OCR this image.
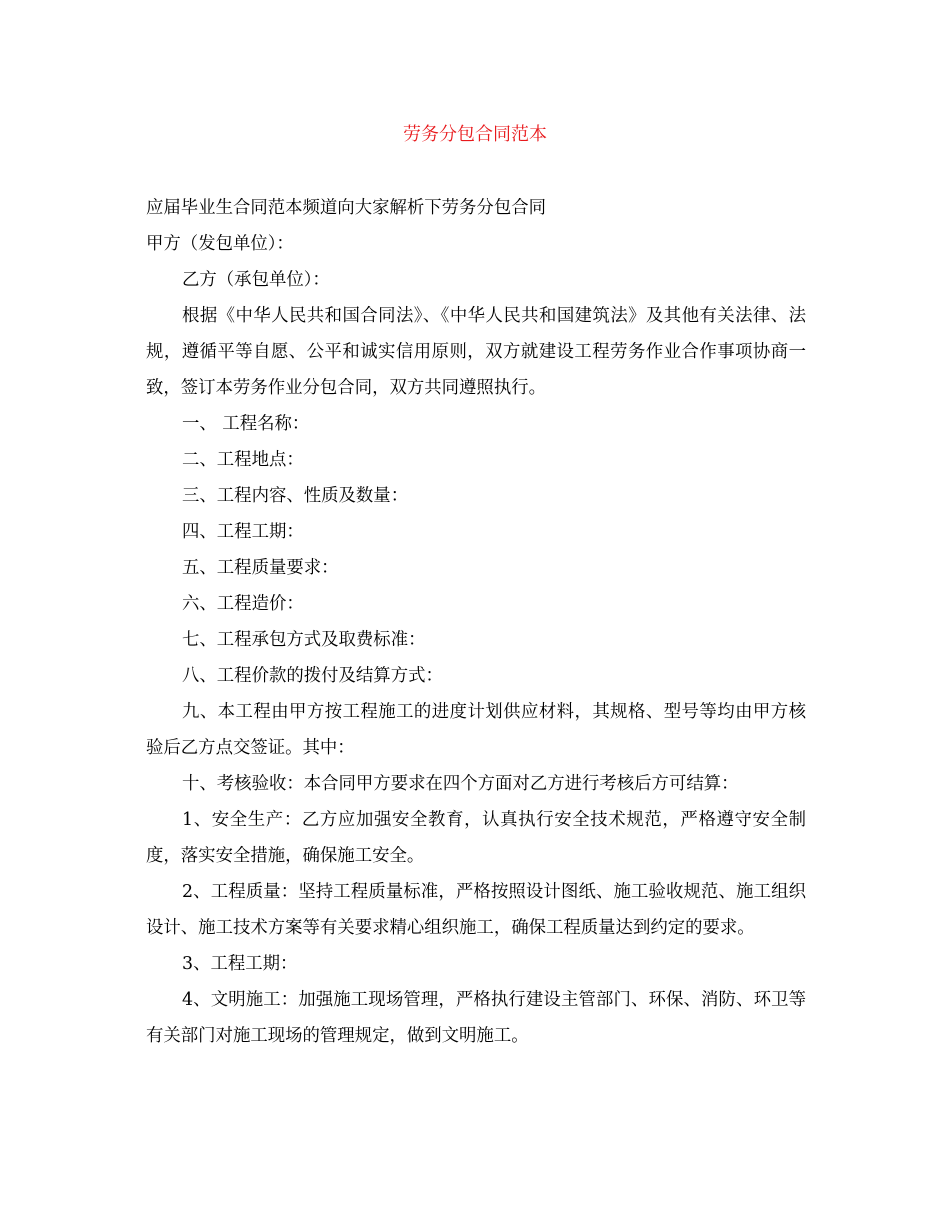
劳务分包合同范本

应届毕业生合同范本频道向大家解析下劳务分包合同

甲方（发包单位）：

乙方（承包单位）：

根据《中华人民共和国合同法》、《中华人民共和国建筑法》及其他有关法律、法规，遵循平等自愿、公平和诚实信用原则，双方就建设工程劳务作业合作事项协商一致，签订本劳务作业分包合同，双方共同遵照执行。

一、 工程名称：

二、工程地点：

三、工程内容、性质及数量：

四、工程工期：

五、工程质量要求：

六、工程造价：

七、工程承包方式及取费标准：

八、工程价款的拨付及结算方式：

九、本工程由甲方按工程施工的进度计划供应材料，其规格、型号等均由甲方核验后乙方点交签证。其中：

十、考核验收：本合同甲方要求在四个方面对乙方进行考核后方可结算：

1、安全生产：乙方应加强安全教育，认真执行安全技术规范，严格遵守安全制度，落实安全措施，确保施工安全。

2、工程质量：坚持工程质量标准，严格按照设计图纸、施工验收规范、施工组织设计、施工技术方案等有关要求精心组织施工，确保工程质量达到约定的要求。

3、工程工期：

4、文明施工：加强施工现场管理，严格执行建设主管部门、环保、消防、环卫等有关部门对施工现场的管理规定，做到文明施工。
